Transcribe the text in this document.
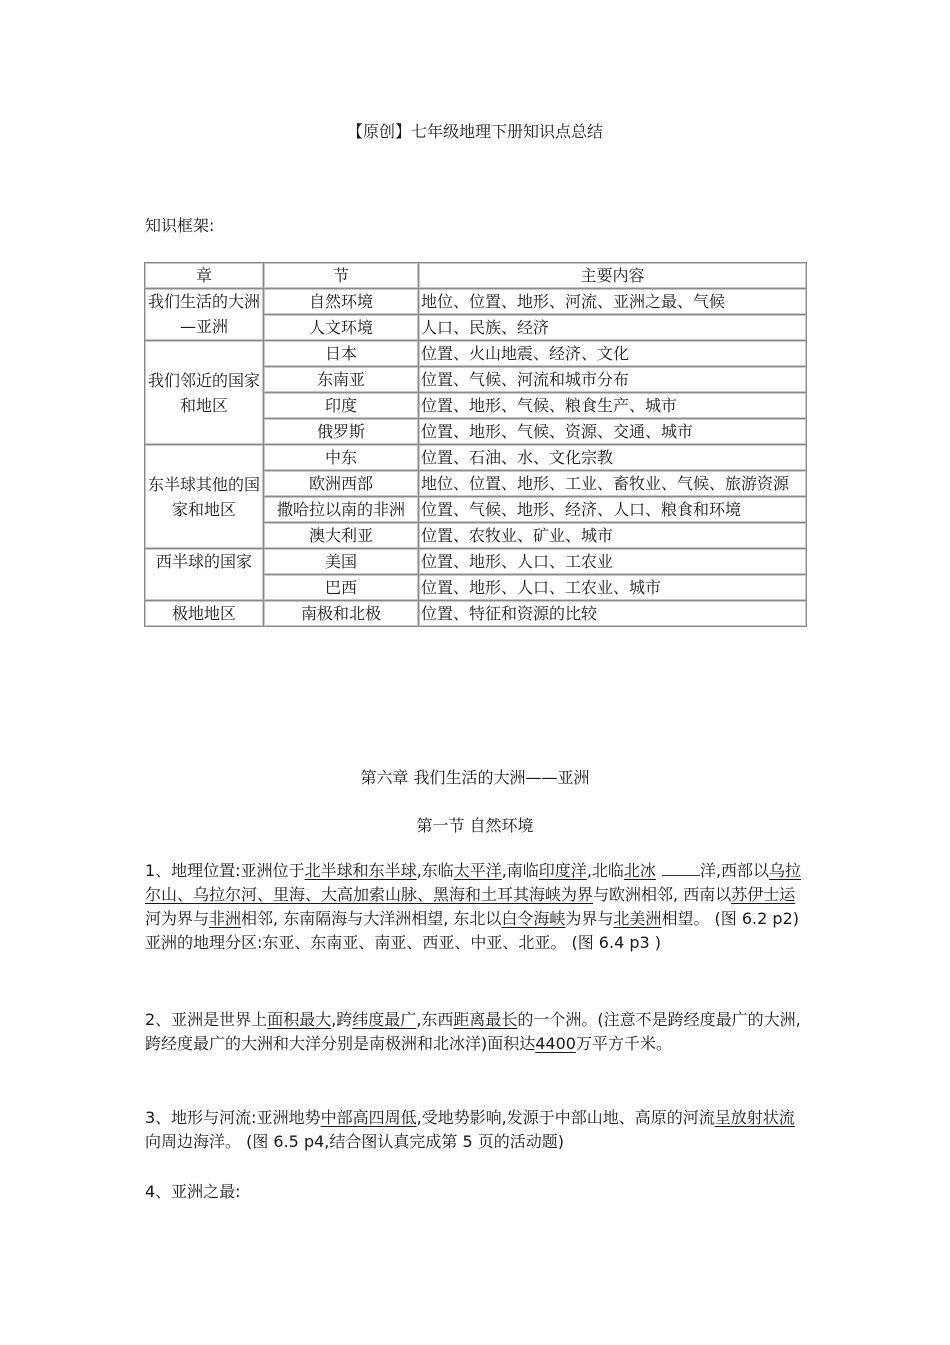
【原创】七年级地理下册知识点总结
知识框架:
章	节	主要内容
我们生活的大洲—亚洲	自然环境	地位、位置、地形、河流、亚洲之最、气候
	人文环境	人口、民族、经济
我们邻近的国家和地区	日本	位置、火山地震、经济、文化
	东南亚	位置、气候、河流和城市分布
	印度	位置、地形、气候、粮食生产、城市
	俄罗斯	位置、地形、气候、资源、交通、城市
东半球其他的国家和地区	中东	位置、石油、水、文化宗教
	欧洲西部	地位、位置、地形、工业、畜牧业、气候、旅游资源
	撒哈拉以南的非洲	位置、气候、地形、经济、人口、粮食和环境
	澳大利亚	位置、农牧业、矿业、城市
西半球的国家	美国	位置、地形、人口、工农业
	巴西	位置、地形、人口、工农业、城市
极地地区	南极和北极	位置、特征和资源的比较
第六章 我们生活的大洲——亚洲
第一节 自然环境

1、地理位置:亚洲位于北半球和东半球,东临太平洋,南临印度洋,北临北冰	洋,西部以乌拉尔山、乌拉尔河、里海、大高加索山脉、黑海和土耳其海峡为界与欧洲相邻, 西南以苏伊士运河为界与非洲相邻, 东南隔海与大洋洲相望, 东北以白令海峡为界与北美洲相望。 (图 6.2 p2)亚洲的地理分区:东亚、东南亚、南亚、西亚、中亚、北亚。 (图 6.4 p3 )

2、亚洲是世界上面积最大,跨纬度最广,东西距离最长的一个洲。(注意不是跨经度最广的大洲,跨经度最广的大洲和大洋分别是南极洲和北冰洋)面积达4400万平方千米。

3、地形与河流:亚洲地势中部高四周低,受地势影响,发源于中部山地、高原的河流呈放射状流向周边海洋。 (图 6.5 p4,结合图认真完成第 5 页的活动题)

4、亚洲之最:
